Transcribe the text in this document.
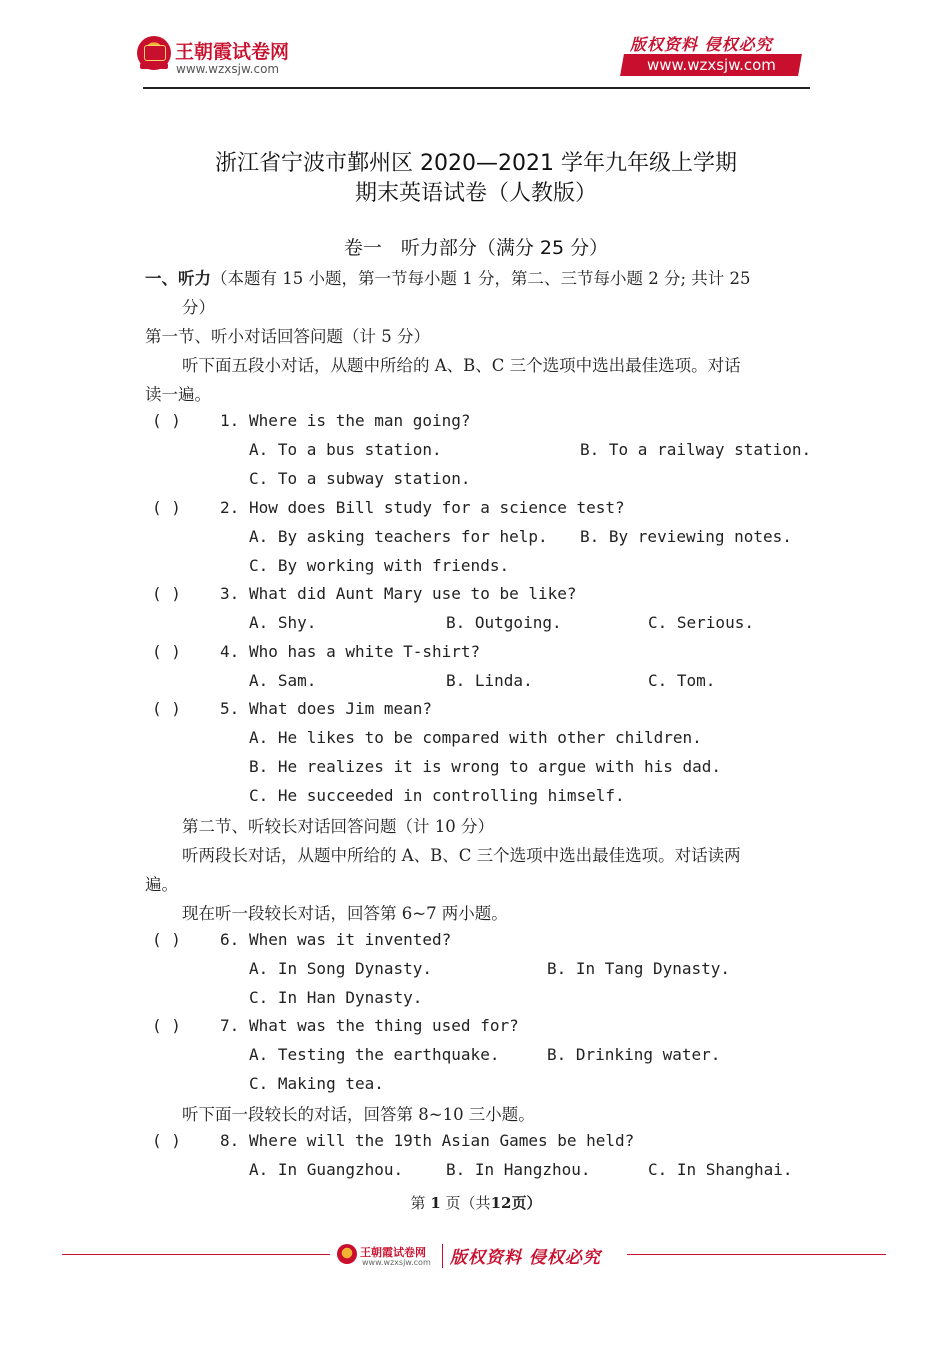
王朝霞试卷网
www.wzxsjw.com
版权资料 侵权必究
www.wzxsjw.com
浙江省宁波市鄞州区 2020—2021 学年九年级上学期
期末英语试卷（人教版）
卷一　听力部分（满分 25 分）
一、听力（本题有 15 小题，第一节每小题 1 分，第二、三节每小题 2 分; 共计 25
分）
第一节、听小对话回答问题（计 5 分）
听下面五段小对话，从题中所给的 A、B、C 三个选项中选出最佳选项。对话
读一遍。
( ) 1. Where is the man going?
A. To a bus station.	B. To a railway station.
C. To a subway station.
( ) 2. How does Bill study for a science test?
A. By asking teachers for help. B. By reviewing notes.
C. By working with friends.
( ) 3. What did Aunt Mary use to be like?
A. Shy.	B. Outgoing.	C. Serious.
( ) 4. Who has a white T-shirt?
A. Sam.	B. Linda.	C. Tom.
( ) 5. What does Jim mean?
A. He likes to be compared with other children.
B. He realizes it is wrong to argue with his dad.
C. He succeeded in controlling himself.
第二节、听较长对话回答问题（计 10 分）
听两段长对话，从题中所给的 A、B、C 三个选项中选出最佳选项。对话读两
遍。
现在听一段较长对话，回答第 6~7 两小题。
( ) 6. When was it invented?
A. In Song Dynasty.	B. In Tang Dynasty.
C. In Han Dynasty.
( ) 7. What was the thing used for?
A. Testing the earthquake.	B. Drinking water.
C. Making tea.
听下面一段较长的对话，回答第 8~10 三小题。
( ) 8. Where will the 19th Asian Games be held?
A. In Guangzhou.	B. In Hangzhou.	C. In Shanghai.
第 1 页（共12页）
王朝霞试卷网
www.wzxsjw.com 版权资料 侵权必究
